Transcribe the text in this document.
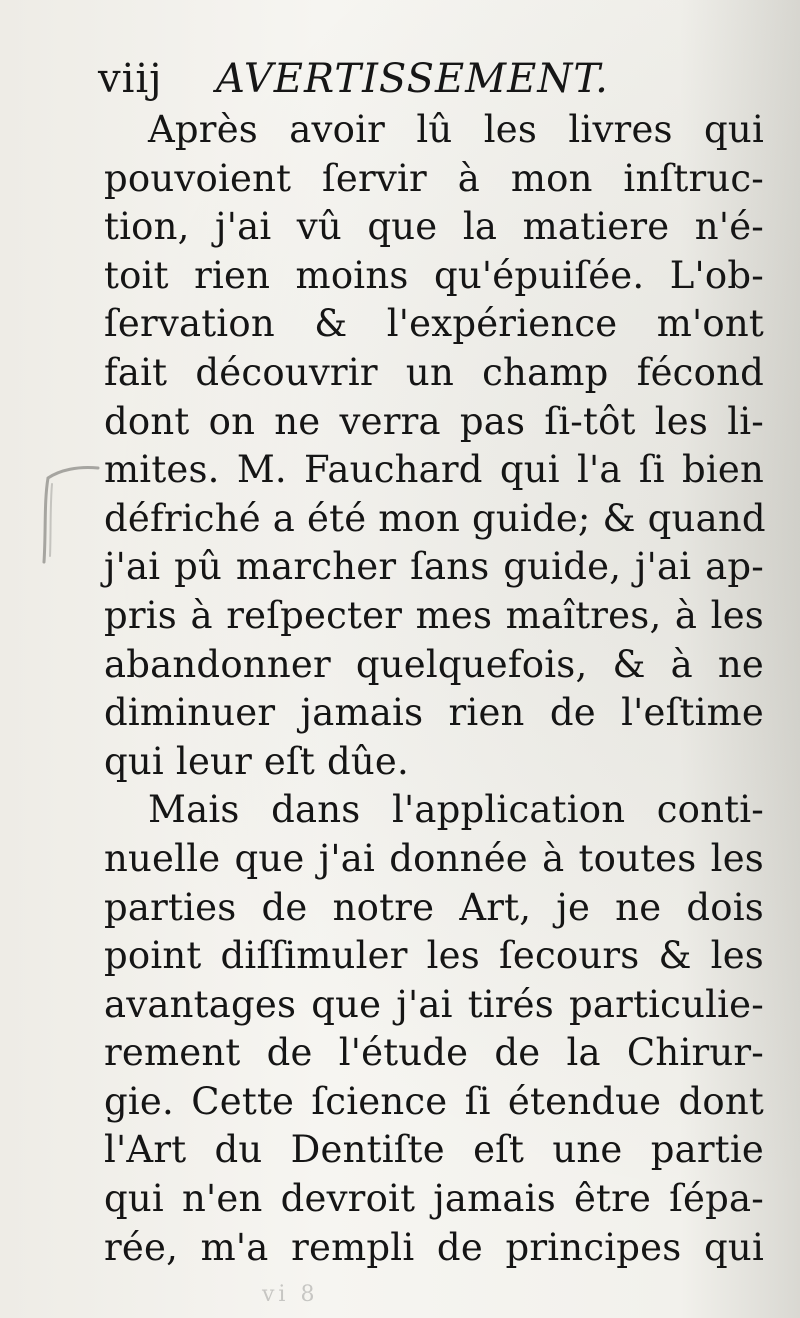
viij AVERTISSEMENT.
Après avoir lû les livres qui
pouvoient ſervir à mon inſtruc-
tion, j'ai vû que la matiere n'é-
toit rien moins qu'épuiſée. L'ob-
ſervation & l'expérience m'ont
fait découvrir un champ fécond
dont on ne verra pas ſi-tôt les li-
mites. M. Fauchard qui l'a ſi bien
défriché a été mon guide; & quand
j'ai pû marcher ſans guide, j'ai ap-
pris à reſpecter mes maîtres, à les
abandonner quelquefois, & à ne
diminuer jamais rien de l'eſtime
qui leur eſt dûe.
Mais dans l'application conti-
nuelle que j'ai donnée à toutes les
parties de notre Art, je ne dois
point diſſimuler les ſecours & les
avantages que j'ai tirés particulie-
rement de l'étude de la Chirur-
gie. Cette ſcience ſi étendue dont
l'Art du Dentiſte eſt une partie
qui n'en devroit jamais être ſépa-
rée, m'a rempli de principes qui
vi 8
